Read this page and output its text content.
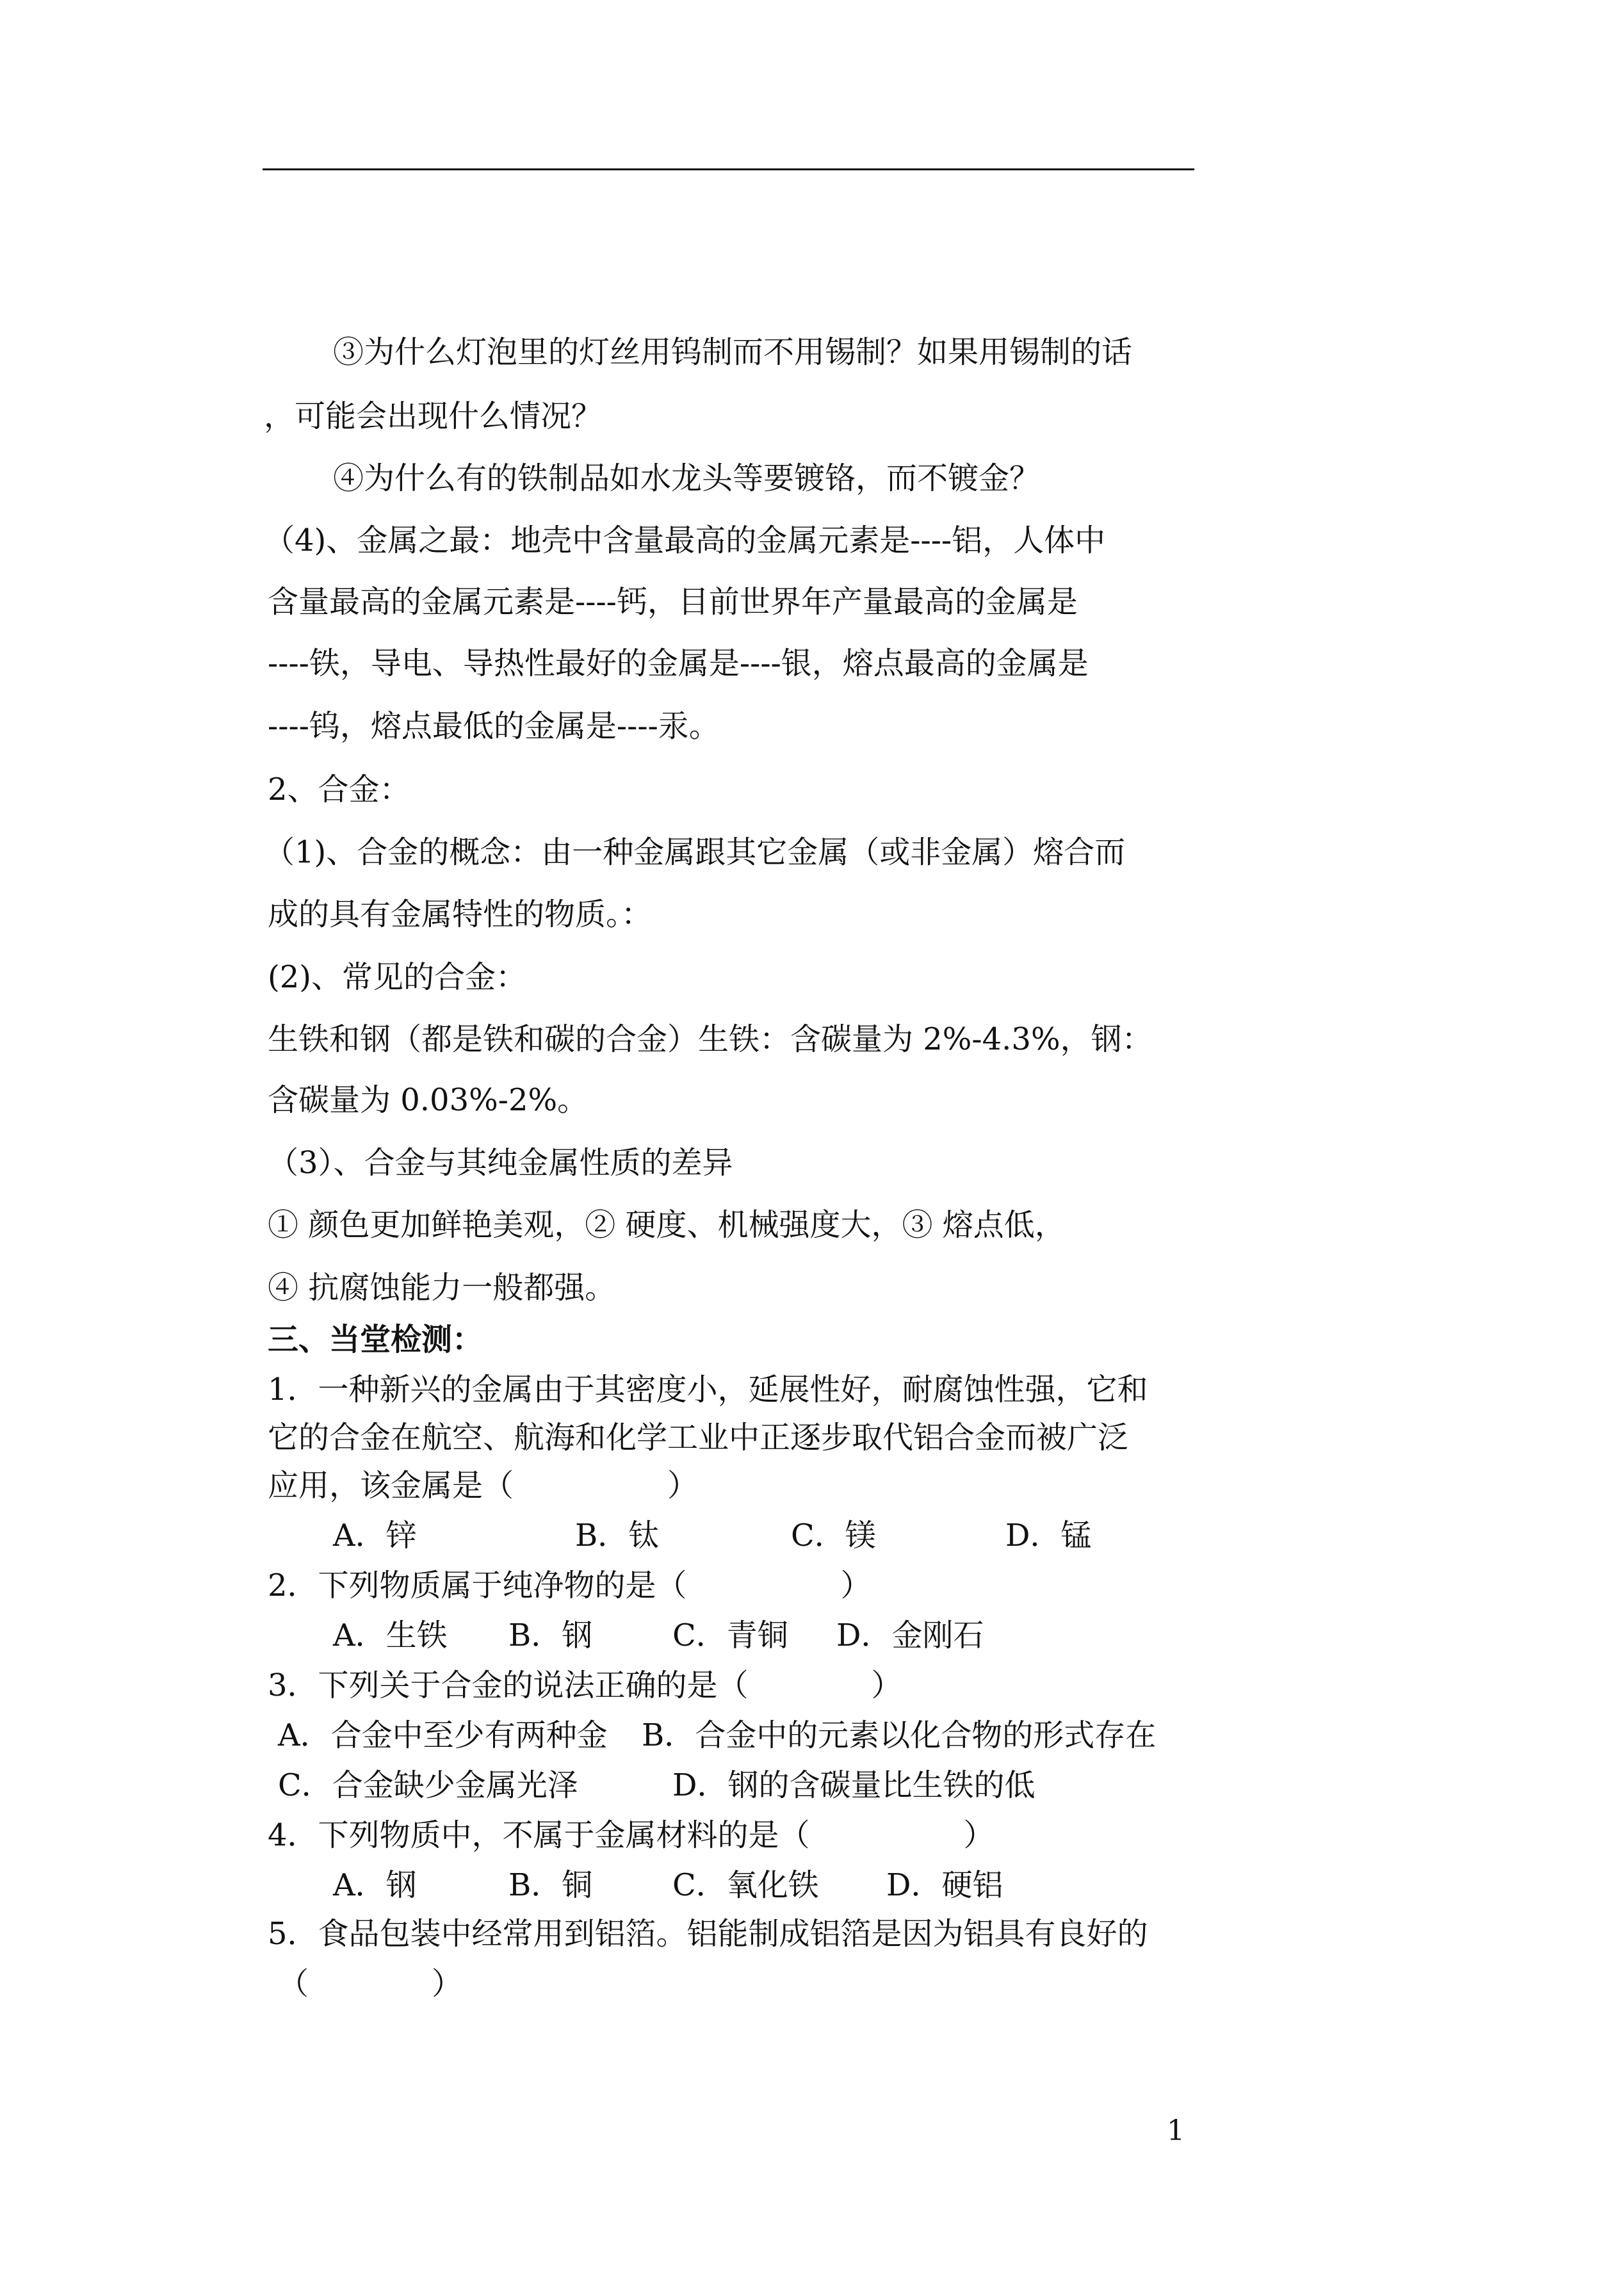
③为什么灯泡里的灯丝用钨制而不用锡制？如果用锡制的话
，可能会出现什么情况？
④为什么有的铁制品如水龙头等要镀铬，而不镀金？
（4)、金属之最：地壳中含量最高的金属元素是----铝，人体中
含量最高的金属元素是----钙，目前世界年产量最高的金属是
----铁，导电、导热性最好的金属是----银，熔点最高的金属是
----钨，熔点最低的金属是----汞。
2、合金：
（1)、合金的概念：由一种金属跟其它金属（或非金属）熔合而
成的具有金属特性的物质。：
(2)、常见的合金：
生铁和钢（都是铁和碳的合金）生铁：含碳量为 2%-4.3%，钢：
含碳量为 0.03%-2%。
（3）、合金与其纯金属性质的差异
① 颜色更加鲜艳美观，② 硬度、机械强度大，③ 熔点低，
④ 抗腐蚀能力一般都强。
三、当堂检测：
1．一种新兴的金属由于其密度小，延展性好，耐腐蚀性强，它和
它的合金在航空、航海和化学工业中正逐步取代铝合金而被广泛
应用，该金属是（　　　　　）
A．锌	B．钛	C．镁	D．锰
2．下列物质属于纯净物的是（　　　　　）
A．生铁 B．钢	C．青铜 D．金刚石
3．下列关于合金的说法正确的是（　　　　）
A．合金中至少有两种金 B．合金中的元素以化合物的形式存在
C．合金缺少金属光泽	D．钢的含碳量比生铁的低
4．下列物质中，不属于金属材料的是（　　　　　）
A．钢	B．铜	C．氧化铁 D．硬铝
5．食品包装中经常用到铝箔。铝能制成铝箔是因为铝具有良好的
（　　　　）
1
